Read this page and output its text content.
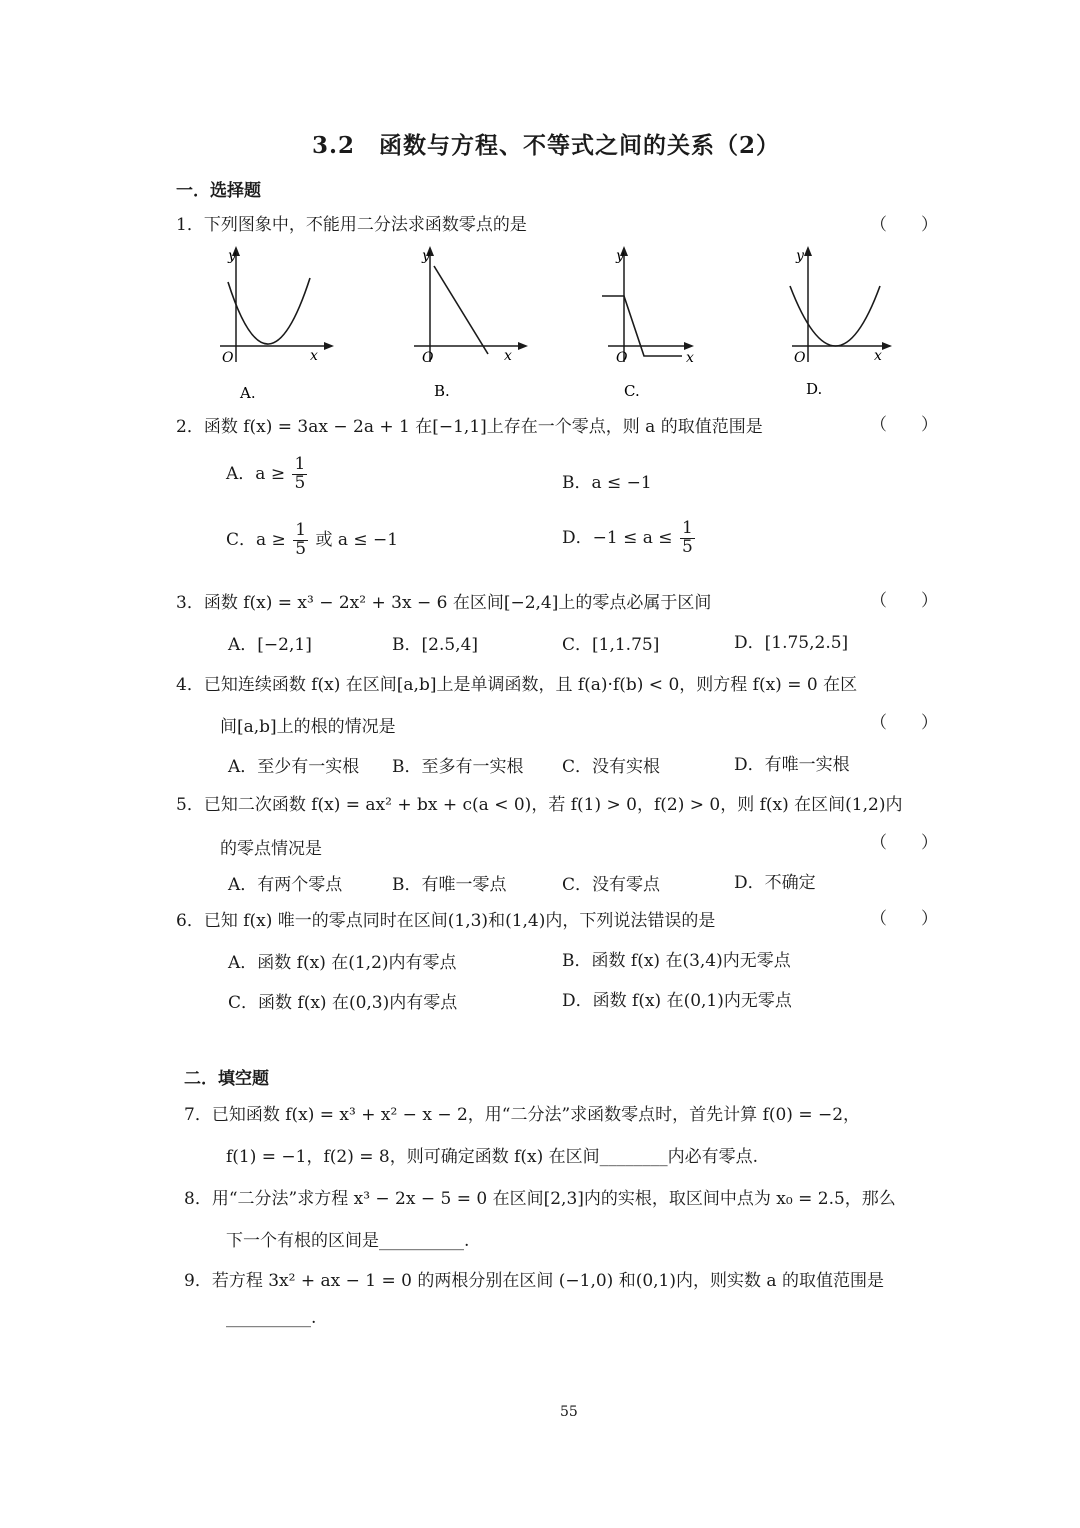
3.2　函数与方程、不等式之间的关系（2）
一．选择题
1．下列图象中，不能用二分法求函数零点的是	（　　）
y
x
O
A.
y
x
O
B.
y
x
O
C.
y
x
O
D.
2．函数 f(x) = 3ax − 2a + 1 在[−1,1]上存在一个零点，则 a 的取值范围是	（　　）
A．$a \ge \frac{1}{5}$	B．a ≤ −1
C．$a \ge \frac{1}{5}$ 或 a ≤ −1	D．$-1 \le a \le \frac{1}{5}$
3．函数 f(x) = x³ − 2x² + 3x − 6 在区间[−2,4]上的零点必属于区间	（　　）
A．[−2,1]	B．[2.5,4]	C．[1,1.75]	D．[1.75,2.5]
4．已知连续函数 f(x) 在区间[a,b]上是单调函数，且 f(a)·f(b) < 0，则方程 f(x) = 0 在区
间[a,b]上的根的情况是	（　　）
A．至少有一实根 B．至多有一实根 C．没有实根	D．有唯一实根
5．已知二次函数 f(x) = ax² + bx + c(a < 0)，若 f(1) > 0，f(2) > 0，则 f(x) 在区间(1,2)内
的零点情况是	（　　）
A．有两个零点	B．有唯一零点	C．没有零点	D．不确定
6．已知 f(x) 唯一的零点同时在区间(1,3)和(1,4)内，下列说法错误的是	（　　）
A．函数 f(x) 在(1,2)内有零点	B．函数 f(x) 在(3,4)内无零点
C．函数 f(x) 在(0,3)内有零点	D．函数 f(x) 在(0,1)内无零点
二．填空题
7．已知函数 f(x) = x³ + x² − x − 2，用“二分法”求函数零点时，首先计算 f(0) = −2，
f(1) = −1，f(2) = 8，则可确定函数 f(x) 在区间________内必有零点.
8．用“二分法”求方程 x³ − 2x − 5 = 0 在区间[2,3]内的实根，取区间中点为 x₀ = 2.5，那么
下一个有根的区间是__________.
9．若方程 3x² + ax − 1 = 0 的两根分别在区间 (−1,0) 和(0,1)内，则实数 a 的取值范围是
__________.
55
